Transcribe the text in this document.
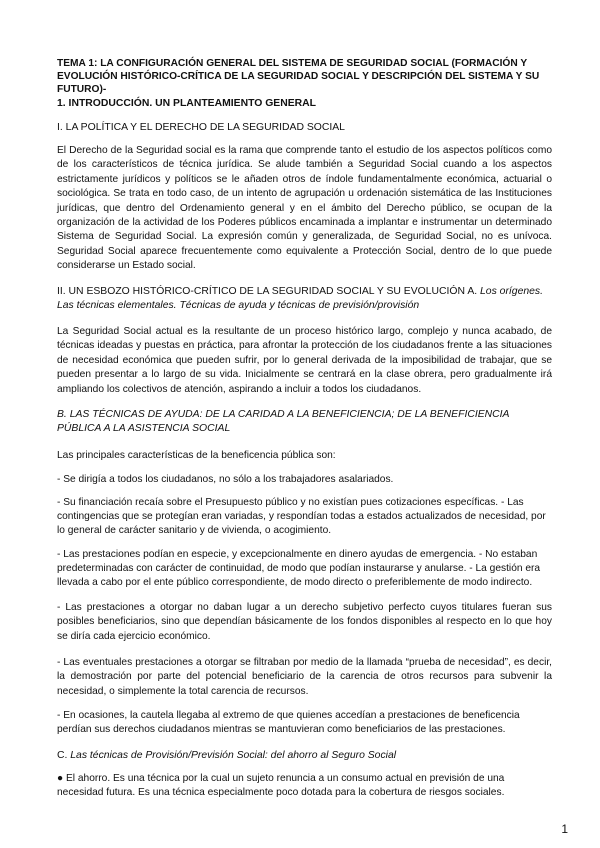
TEMA 1: LA CONFIGURACIÓN GENERAL DEL SISTEMA DE SEGURIDAD SOCIAL (FORMACIÓN Y EVOLUCIÓN HISTÓRICO-CRÍTICA DE LA SEGURIDAD SOCIAL Y DESCRIPCIÓN DEL SISTEMA Y SU FUTURO)-

1. INTRODUCCIÓN. UN PLANTEAMIENTO GENERAL

I. LA POLÍTICA Y EL DERECHO DE LA SEGURIDAD SOCIAL

El Derecho de la Seguridad social es la rama que comprende tanto el estudio de los aspectos políticos como de los característicos de técnica jurídica. Se alude también a Seguridad Social cuando a los aspectos estrictamente jurídicos y políticos se le añaden otros de índole fundamentalmente económica, actuarial o sociológica. Se trata en todo caso, de un intento de agrupación u ordenación sistemática de las Instituciones jurídicas, que dentro del Ordenamiento general y en el ámbito del Derecho público, se ocupan de la organización de la actividad de los Poderes públicos encaminada a implantar e instrumentar un determinado Sistema de Seguridad Social. La expresión común y generalizada, de Seguridad Social, no es unívoca. Seguridad Social aparece frecuentemente como equivalente a Protección Social, dentro de lo que puede considerarse un Estado social.

II. UN ESBOZO HISTÓRICO-CRÍTICO DE LA SEGURIDAD SOCIAL Y SU EVOLUCIÓN A. Los orígenes. Las técnicas elementales. Técnicas de ayuda y técnicas de previsión/provisión

La Seguridad Social actual es la resultante de un proceso histórico largo, complejo y nunca acabado, de técnicas ideadas y puestas en práctica, para afrontar la protección de los ciudadanos frente a las situaciones de necesidad económica que pueden sufrir, por lo general derivada de la imposibilidad de trabajar, que se pueden presentar a lo largo de su vida. Inicialmente se centrará en la clase obrera, pero gradualmente irá ampliando los colectivos de atención, aspirando a incluir a todos los ciudadanos.

B. LAS TÉCNICAS DE AYUDA: DE LA CARIDAD A LA BENEFICIENCIA; DE LA BENEFICIENCIA PÚBLICA A LA ASISTENCIA SOCIAL

Las principales características de la beneficencia pública son:

- Se dirigía a todos los ciudadanos, no sólo a los trabajadores asalariados.

- Su financiación recaía sobre el Presupuesto público y no existían pues cotizaciones específicas. - Las contingencias que se protegían eran variadas, y respondían todas a estados actualizados de necesidad, por lo general de carácter sanitario y de vivienda, o acogimiento.

- Las prestaciones podían en especie, y excepcionalmente en dinero ayudas de emergencia. - No estaban predeterminadas con carácter de continuidad, de modo que podían instaurarse y anularse. - La gestión era llevada a cabo por el ente público correspondiente, de modo directo o preferiblemente de modo indirecto.

- Las prestaciones a otorgar no daban lugar a un derecho subjetivo perfecto cuyos titulares fueran sus posibles beneficiarios, sino que dependían básicamente de los fondos disponibles al respecto en lo que hoy se diría cada ejercicio económico.

- Las eventuales prestaciones a otorgar se filtraban por medio de la llamada “prueba de necesidad”, es decir, la demostración por parte del potencial beneficiario de la carencia de otros recursos para subvenir la necesidad, o simplemente la total carencia de recursos.

- En ocasiones, la cautela llegaba al extremo de que quienes accedían a prestaciones de beneficencia perdían sus derechos ciudadanos mientras se mantuvieran como beneficiarios de las prestaciones.

C. Las técnicas de Provisión/Previsión Social: del ahorro al Seguro Social

● El ahorro. Es una técnica por la cual un sujeto renuncia a un consumo actual en previsión de una necesidad futura. Es una técnica especialmente poco dotada para la cobertura de riesgos sociales.

1
